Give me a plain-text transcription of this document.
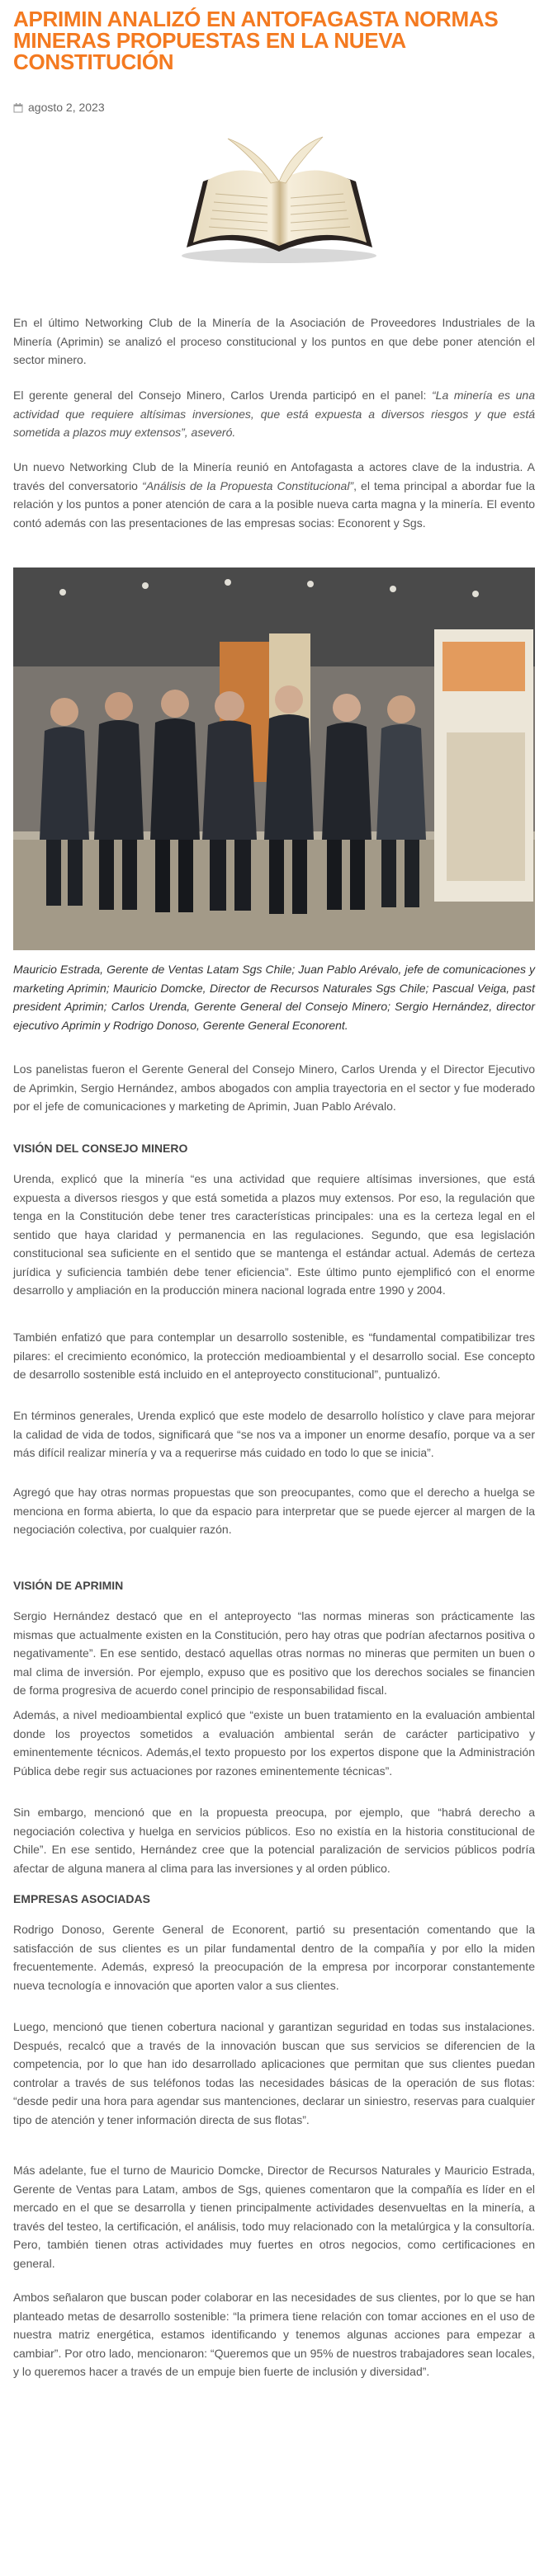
APRIMIN ANALIZÓ EN ANTOFAGASTA NORMAS MINERAS PROPUESTAS EN LA NUEVA CONSTITUCIÓN
agosto 2, 2023

En el último Networking Club de la Minería de la Asociación de Proveedores Industriales de la Minería (Aprimin) se analizó el proceso constitucional y los puntos en que debe poner atención el sector minero.

El gerente general del Consejo Minero, Carlos Urenda participó en el panel: “La minería es una actividad que requiere altísimas inversiones, que está expuesta a diversos riesgos y que está sometida a plazos muy extensos”, aseveró.

Un nuevo Networking Club de la Minería reunió en Antofagasta a actores clave de la industria. A través del conversatorio “Análisis de la Propuesta Constitucional”, el tema principal a abordar fue la relación y los puntos a poner atención de cara a la posible nueva carta magna y la minería. El evento contó además con las presentaciones de las empresas socias: Econorent y Sgs.

Mauricio Estrada, Gerente de Ventas Latam Sgs Chile; Juan Pablo Arévalo, jefe de comunicaciones y marketing Aprimin; Mauricio Domcke, Director de Recursos Naturales Sgs Chile; Pascual Veiga, past president Aprimin; Carlos Urenda, Gerente General del Consejo Minero; Sergio Hernández, director ejecutivo Aprimin y Rodrigo Donoso, Gerente General Econorent.

Los panelistas fueron el Gerente General del Consejo Minero, Carlos Urenda y el Director Ejecutivo de Aprimkin, Sergio Hernández, ambos abogados con amplia trayectoria en el sector y fue moderado por el jefe de comunicaciones y marketing de Aprimin, Juan Pablo Arévalo.

VISIÓN DEL CONSEJO MINERO

Urenda, explicó que la minería “es una actividad que requiere altísimas inversiones, que está expuesta a diversos riesgos y que está sometida a plazos muy extensos. Por eso, la regulación que tenga en la Constitución debe tener tres características principales: una es la certeza legal en el sentido que haya claridad y permanencia en las regulaciones. Segundo, que esa legislación constitucional sea suficiente en el sentido que se mantenga el estándar actual. Además de certeza jurídica y suficiencia también debe tener eficiencia”. Este último punto ejemplificó con el enorme desarrollo y ampliación en la producción minera nacional lograda entre 1990 y 2004.

También enfatizó que para contemplar un desarrollo sostenible, es “fundamental compatibilizar tres pilares: el crecimiento económico, la protección medioambiental y el desarrollo social. Ese concepto de desarrollo sostenible está incluido en el anteproyecto constitucional”, puntualizó.

En términos generales, Urenda explicó que este modelo de desarrollo holístico y clave para mejorar la calidad de vida de todos, significará que “se nos va a imponer un enorme desafío, porque va a ser más difícil realizar minería y va a requerirse más cuidado en todo lo que se inicia”.

Agregó que hay otras normas propuestas que son preocupantes, como que el derecho a huelga se menciona en forma abierta, lo que da espacio para interpretar que se puede ejercer al margen de la negociación colectiva, por cualquier razón.

VISIÓN DE APRIMIN

Sergio Hernández destacó que en el anteproyecto “las normas mineras son prácticamente las mismas que actualmente existen en la Constitución, pero hay otras que podrían afectarnos positiva o negativamente”. En ese sentido, destacó aquellas otras normas no mineras que permiten un buen o mal clima de inversión. Por ejemplo, expuso que es positivo que los derechos sociales se financien de forma progresiva de acuerdo conel principio de responsabilidad fiscal.

Además, a nivel medioambiental explicó que “existe un buen tratamiento en la evaluación ambiental donde los proyectos sometidos a evaluación ambiental serán de carácter participativo y eminentemente técnicos. Además,el texto propuesto por los expertos dispone que la Administración Pública debe regir sus actuaciones por razones eminentemente técnicas”.

Sin embargo, mencionó que en la propuesta preocupa, por ejemplo, que “habrá derecho a negociación colectiva y huelga en servicios públicos. Eso no existía en la historia constitucional de Chile”. En ese sentido, Hernández cree que la potencial paralización de servicios públicos podría afectar de alguna manera al clima para las inversiones y al orden público.

EMPRESAS ASOCIADAS

Rodrigo Donoso, Gerente General de Econorent, partió su presentación comentando que la satisfacción de sus clientes es un pilar fundamental dentro de la compañía y por ello la miden frecuentemente. Además, expresó la preocupación de la empresa por incorporar constantemente nueva tecnología e innovación que aporten valor a sus clientes.

Luego, mencionó que tienen cobertura nacional y garantizan seguridad en todas sus instalaciones. Después, recalcó que a través de la innovación buscan que sus servicios se diferencien de la competencia, por lo que han ido desarrollado aplicaciones que permitan que sus clientes puedan controlar a través de sus teléfonos todas las necesidades básicas de la operación de sus flotas: “desde pedir una hora para agendar sus mantenciones, declarar un siniestro, reservas para cualquier tipo de atención y tener información directa de sus flotas”.

Más adelante, fue el turno de Mauricio Domcke, Director de Recursos Naturales y Mauricio Estrada, Gerente de Ventas para Latam, ambos de Sgs, quienes comentaron que la compañía es líder en el mercado en el que se desarrolla y tienen principalmente actividades desenvueltas en la minería, a través del testeo, la certificación, el análisis, todo muy relacionado con la metalúrgica y la consultoría. Pero, también tienen otras actividades muy fuertes en otros negocios, como certificaciones en general.

Ambos señalaron que buscan poder colaborar en las necesidades de sus clientes, por lo que se han planteado metas de desarrollo sostenible: “la primera tiene relación con tomar acciones en el uso de nuestra matriz energética, estamos identificando y tenemos algunas acciones para empezar a cambiar”. Por otro lado, mencionaron: “Queremos que un 95% de nuestros trabajadores sean locales, y lo queremos hacer a través de un empuje bien fuerte de inclusión y diversidad”.
